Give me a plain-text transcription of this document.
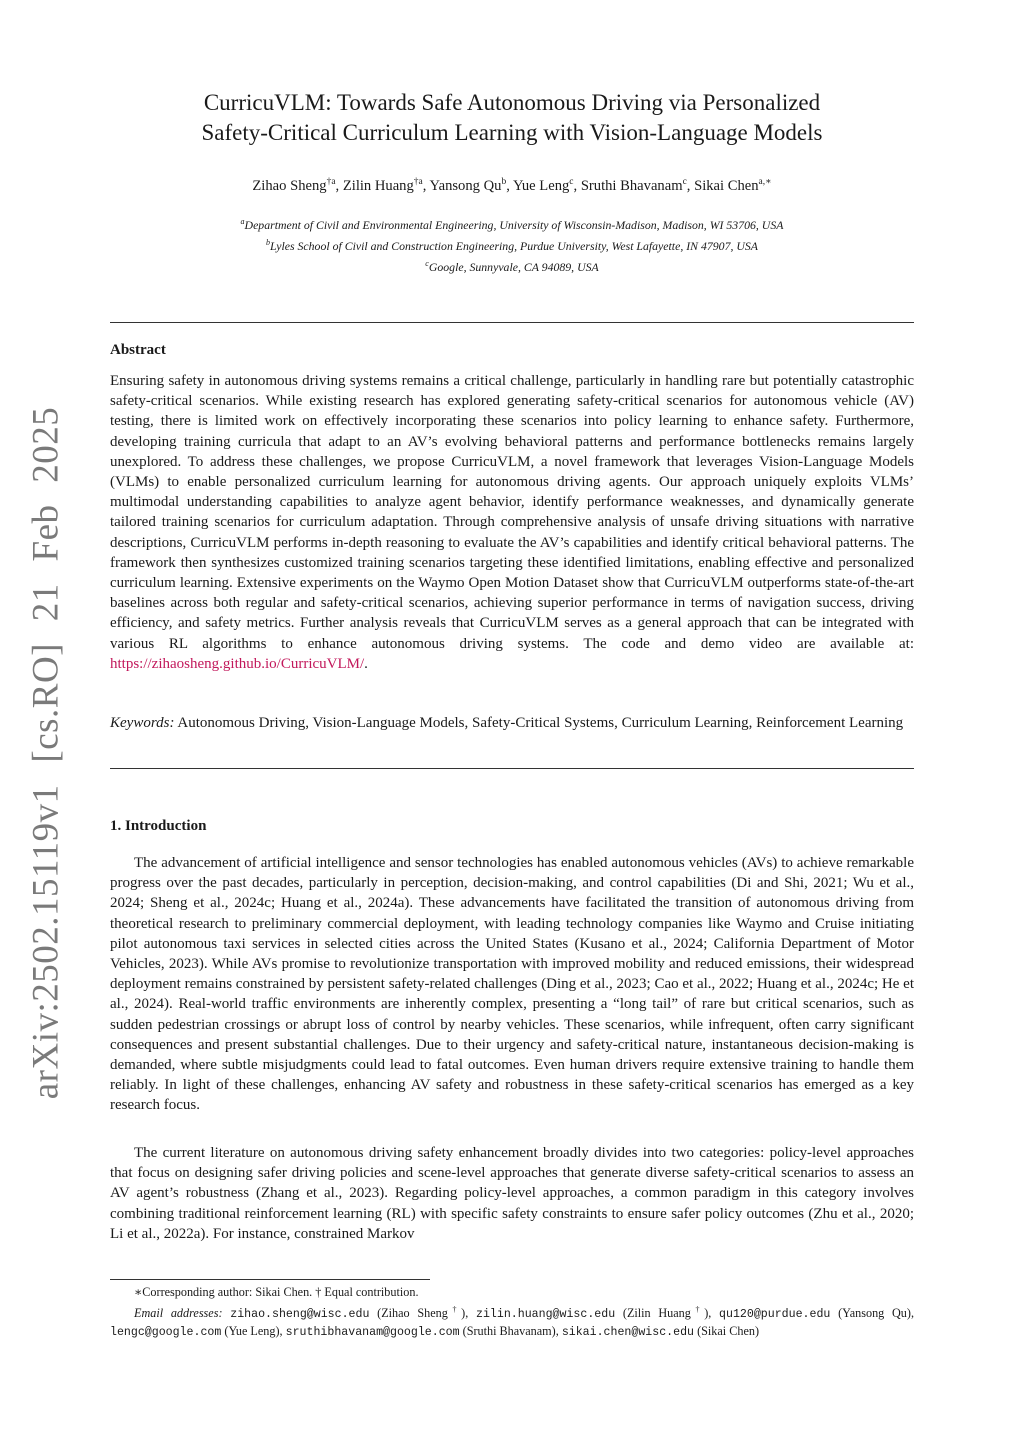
arXiv:2502.15119v1 [cs.RO] 21 Feb 2025
CurricuVLM: Towards Safe Autonomous Driving via Personalized
Safety-Critical Curriculum Learning with Vision-Language Models
Zihao Sheng$^{\dagger a}$, Zilin Huang$^{\dagger a}$, Yansong Qu$^b$, Yue Leng$^c$, Sruthi Bhavanam$^c$, Sikai Chen$^{a,∗}$
$^a$Department of Civil and Environmental Engineering, University of Wisconsin-Madison, Madison, WI 53706, USA
$^b$Lyles School of Civil and Construction Engineering, Purdue University, West Lafayette, IN 47907, USA
$^c$Google, Sunnyvale, CA 94089, USA
Abstract
Ensuring safety in autonomous driving systems remains a critical challenge, particularly in handling rare but potentially catastrophic safety-critical scenarios. While existing research has explored generating safety-critical scenarios for autonomous vehicle (AV) testing, there is limited work on effectively incorporating these scenarios into policy learning to enhance safety. Furthermore, developing training curricula that adapt to an AV’s evolving behavioral patterns and performance bottlenecks remains largely unexplored. To address these challenges, we propose CurricuVLM, a novel framework that leverages Vision-Language Models (VLMs) to enable personalized curriculum learning for autonomous driving agents. Our approach uniquely exploits VLMs’ multimodal understanding capabilities to analyze agent behavior, identify performance weaknesses, and dynamically generate tailored training scenarios for curriculum adaptation. Through comprehensive analysis of unsafe driving situations with narrative descriptions, CurricuVLM performs in-depth reasoning to evaluate the AV’s capabilities and identify critical behavioral patterns. The framework then synthesizes customized training scenarios targeting these identified limitations, enabling effective and personalized curriculum learning. Extensive experiments on the Waymo Open Motion Dataset show that CurricuVLM outperforms state-of-the-art baselines across both regular and safety-critical scenarios, achieving superior performance in terms of navigation success, driving efficiency, and safety metrics. Further analysis reveals that CurricuVLM serves as a general approach that can be integrated with various RL algorithms to enhance autonomous driving systems. The code and demo video are available at: https://zihaosheng.github.io/CurricuVLM/.
Keywords: Autonomous Driving, Vision-Language Models, Safety-Critical Systems, Curriculum Learning, Reinforcement Learning
1. Introduction
The advancement of artificial intelligence and sensor technologies has enabled autonomous vehicles (AVs) to achieve remarkable progress over the past decades, particularly in perception, decision-making, and control capabilities (Di and Shi, 2021; Wu et al., 2024; Sheng et al., 2024c; Huang et al., 2024a). These advancements have facilitated the transition of autonomous driving from theoretical research to preliminary commercial deployment, with leading technology companies like Waymo and Cruise initiating pilot autonomous taxi services in selected cities across the United States (Kusano et al., 2024; California Department of Motor Vehicles, 2023). While AVs promise to revolutionize transportation with improved mobility and reduced emissions, their widespread deployment remains constrained by persistent safety-related challenges (Ding et al., 2023; Cao et al., 2022; Huang et al., 2024c; He et al., 2024). Real-world traffic environments are inherently complex, presenting a “long tail” of rare but critical scenarios, such as sudden pedestrian crossings or abrupt loss of control by nearby vehicles. These scenarios, while infrequent, often carry significant consequences and present substantial challenges. Due to their urgency and safety-critical nature, instantaneous decision-making is demanded, where subtle misjudgments could lead to fatal outcomes. Even human drivers require extensive training to handle them reliably. In light of these challenges, enhancing AV safety and robustness in these safety-critical scenarios has emerged as a key research focus.
The current literature on autonomous driving safety enhancement broadly divides into two categories: policy-level approaches that focus on designing safer driving policies and scene-level approaches that generate diverse safety-critical scenarios to assess an AV agent’s robustness (Zhang et al., 2023). Regarding policy-level approaches, a common paradigm in this category involves combining traditional reinforcement learning (RL) with specific safety constraints to ensure safer policy outcomes (Zhu et al., 2020; Li et al., 2022a). For instance, constrained Markov
∗Corresponding author: Sikai Chen. † Equal contribution.
Email addresses: zihao.sheng@wisc.edu (Zihao Sheng†), zilin.huang@wisc.edu (Zilin Huang†), qu120@purdue.edu (Yansong Qu), lengc@google.com (Yue Leng), sruthibhavanam@google.com (Sruthi Bhavanam), sikai.chen@wisc.edu (Sikai Chen)
